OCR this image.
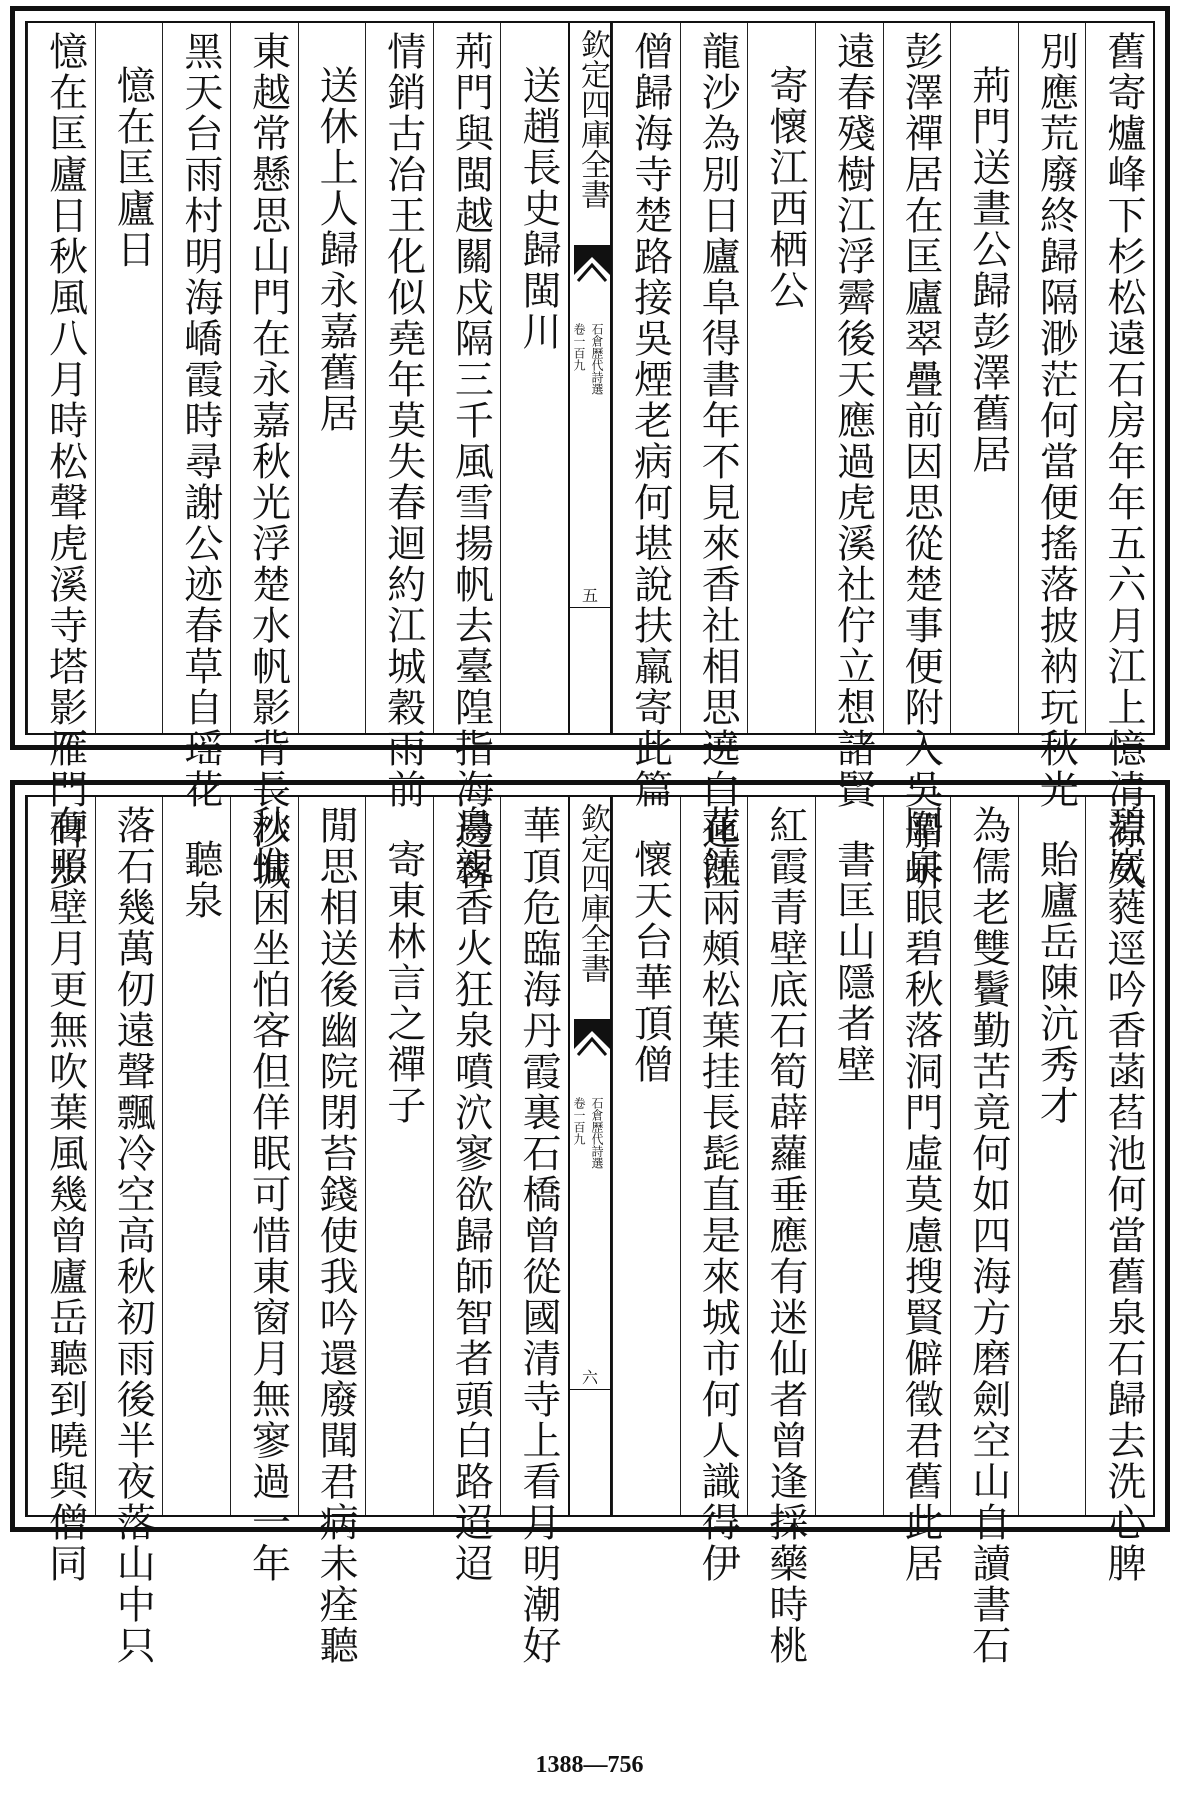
舊寄爐峰下杉松遠石房年年五六月江上憶清涼久
別應荒廢終歸隔渺茫何當便搖落披衲玩秋光
荊門送晝公歸彭澤舊居
彭澤禪居在匡廬翠疊前因思從楚事便附入吳船岍
遠春殘樹江浮霽後天應過虎溪社佇立想諸賢
寄懷江西栖公
龍沙為別日廬阜得書年不見來香社相思遶白蓮江
僧歸海寺楚路接吳煙老病何堪說扶羸寄此篇
送趙長史歸閩川
荊門與閩越關戍隔三千風雪揚帆去臺隍指海邊客
情銷古冶王化似堯年莫失春迴約江城穀雨前
送休上人歸永嘉舊居
東越常懸思山門在永嘉秋光浮楚水帆影背長沙城
黑天台雨村明海嶠霞時尋謝公迹春草自瑶花
憶在匡廬日
憶在匡廬日秋風八月時松聲虎溪寺塔影雁門碑步	欽定四庫全書
石倉歷代詩選
卷一百九
五
碧崴蕤逕吟香菡萏池何當舊泉石歸去洗心脾
貽廬岳陳沆秀才
為儒老雙鬢勤苦竟何如四海方磨劍空山自讀書石
圍泉眼碧秋落洞門虛莫慮搜賢僻徵君舊此居
書匡山隱者壁
紅霞青壁底石筍薜蘿垂應有迷仙者曾逢採藥時桃
花饒兩頰松葉挂長髭直是來城市何人識得伊
懷天台華頂僧
華頂危臨海丹霞裏石橋曾從國清寺上看月明潮好
鳥親香火狂泉噴泬寥欲歸師智者頭白路迢迢
寄東林言之禪子
閒思相送後幽院閉苔錢使我吟還廢聞君病未痊聽
秋惟困坐怕客但佯眠可惜東窗月無寥過一年
聽泉
落石幾萬仞遠聲飄冷空高秋初雨後半夜落山中只
有照壁月更無吹葉風幾曾廬岳聽到曉與僧同	欽定四庫全書
石倉歷代詩選
卷一百九
六
1388—756
